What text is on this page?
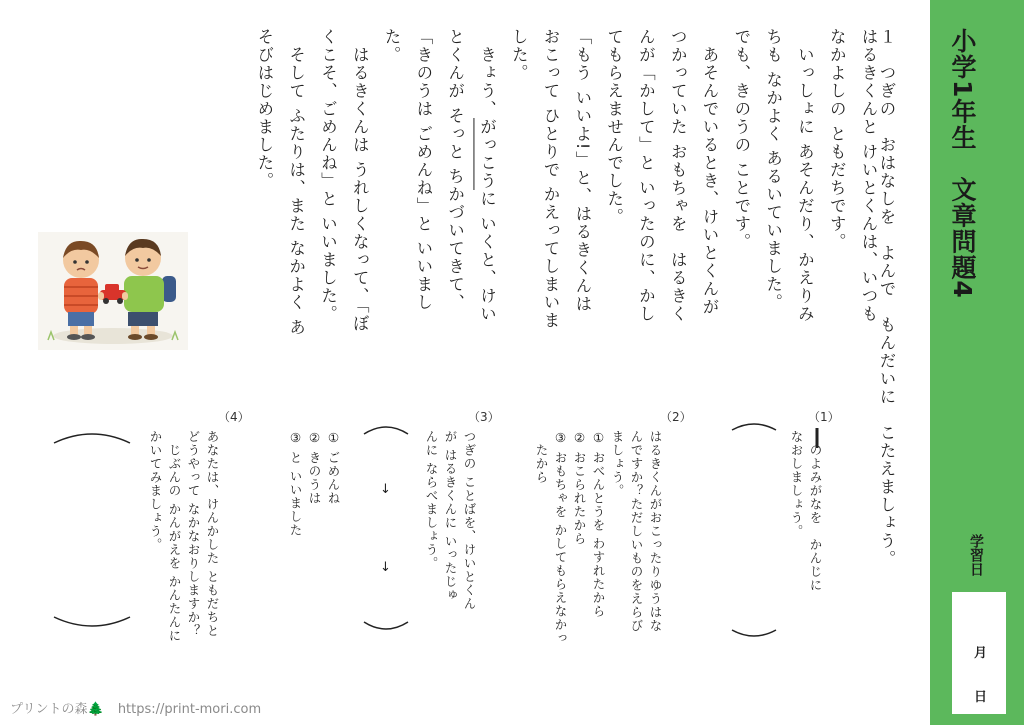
小学1年生　文章問題4
学習日
月
日
１　つぎの　おはなしを　よんで　もんだいに　こたえましょう。
はるきくんと けいとくんは、いつも
なかよしの ともだちです。
　いっしょに あそんだり、かえりみ
ちも なかよく あるいていました。
でも、きのうの ことです。
　あそんでいるとき、けいとくんが
つかっていた おもちゃを　はるきく
んが「かして」と いったのに、かし
てもらえませんでした。
「もう いいよ!」と、はるきくんは
おこって ひとりで かえってしまいま
した。
　きょう、がっこうに いくと、けい
とくんが そっと ちかづいてきて、
「きのうは ごめんね」と いいまし
た。
　はるきくんは うれしくなって、「ぼ
くこそ、ごめんね」と いいました。
　そして ふたりは、また なかよく あ
そびはじめました。
（1）
　のよみがなを　かんじに
なおしましょう。
（2）
はるきくんがおこったりゆうはな
んですか？ただしいものをえらび
ましょう。
① おべんとうを わすれたから
② おこられたから
③ おもちゃを かしてもらえなかっ
　たから
（3）
つぎの ことばを、けいとくん
が はるきくんに いったじゅ
んに ならべましょう。
↓
↓
① ごめんね
② きのうは
③ と いいました
（4）
あなたは、けんかした ともだちと
どうやって なかなおりしますか？
　じぶんの かんがえを かんたんに
かいてみましょう。
プリントの森🌲 https://print-mori.com
